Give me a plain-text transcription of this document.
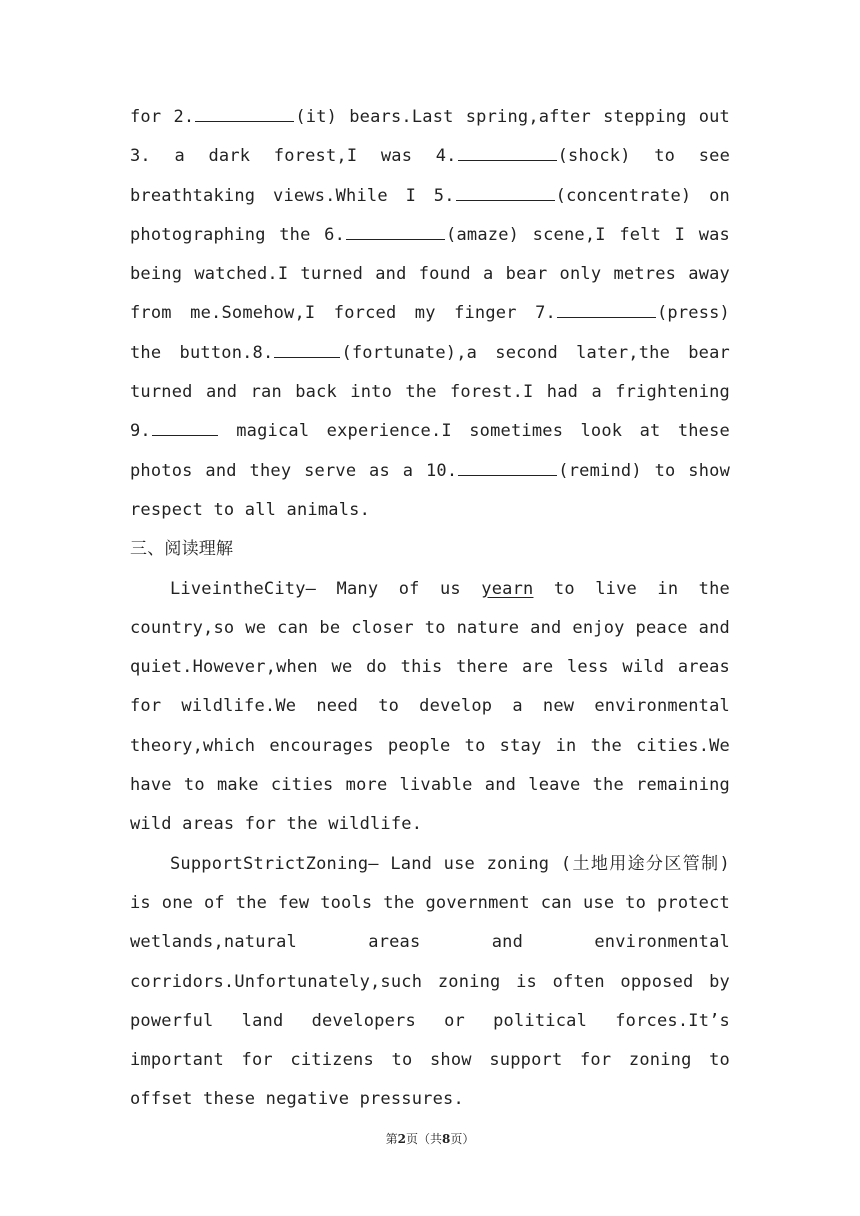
for 2.	(it) bears.Last spring,after stepping out 3. a dark forest,I was 4.	(shock) to see breathtaking views.While I 5.	(concentrate) on photographing the 6.	(amaze) scene,I felt I was being watched.I turned and found a bear only metres away from me.Somehow,I forced my finger 7.	(press) the button.8.	(fortunate),a second later,the bear turned and ran back into the forest.I had a frightening 9.	magical experience.I sometimes look at these photos and they serve as a 10.	(remind) to show respect to all animals.

三、阅读理解

LiveintheCity— Many of us yearn to live in the country,so we can be closer to nature and enjoy peace and quiet.However,when we do this there are less wild areas for wildlife.We need to develop a new environmental theory,which encourages people to stay in the cities.We have to make cities more livable and leave the remaining wild areas for the wildlife.

SupportStrictZoning— Land use zoning (土地用途分区管制) is one of the few tools the government can use to protect wetlands,natural areas and environmental corridors.Unfortunately,such zoning is often opposed by powerful land developers or political forces.It’s important for citizens to show support for zoning to offset these negative pressures.

第2页（共8页）
